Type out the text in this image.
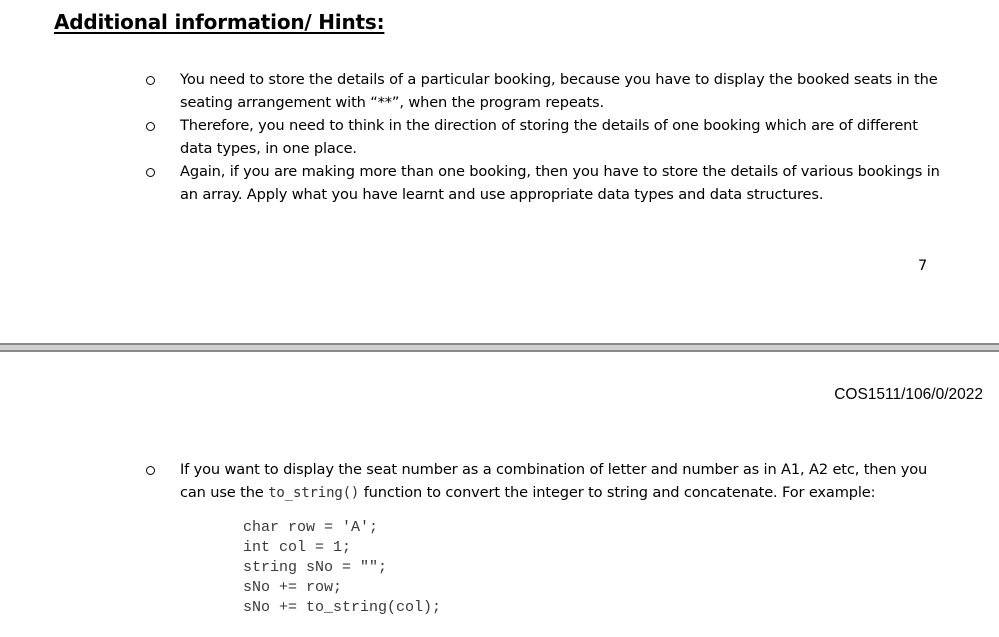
Additional information/ Hints:

You need to store the details of a particular booking, because you have to display the booked seats in the
seating arrangement with “**”, when the program repeats.

Therefore, you need to think in the direction of storing the details of one booking which are of different
data types, in one place.

Again, if you are making more than one booking, then you have to store the details of various bookings in
an array. Apply what you have learnt and use appropriate data types and data structures.

7
COS1511/106/0/2022

If you want to display the seat number as a combination of letter and number as in A1, A2 etc, then you
can use the to_string() function to convert the integer to string and concatenate. For example:

char row = 'A';
int col = 1;
string sNo = "";
sNo += row;
sNo += to_string(col);
